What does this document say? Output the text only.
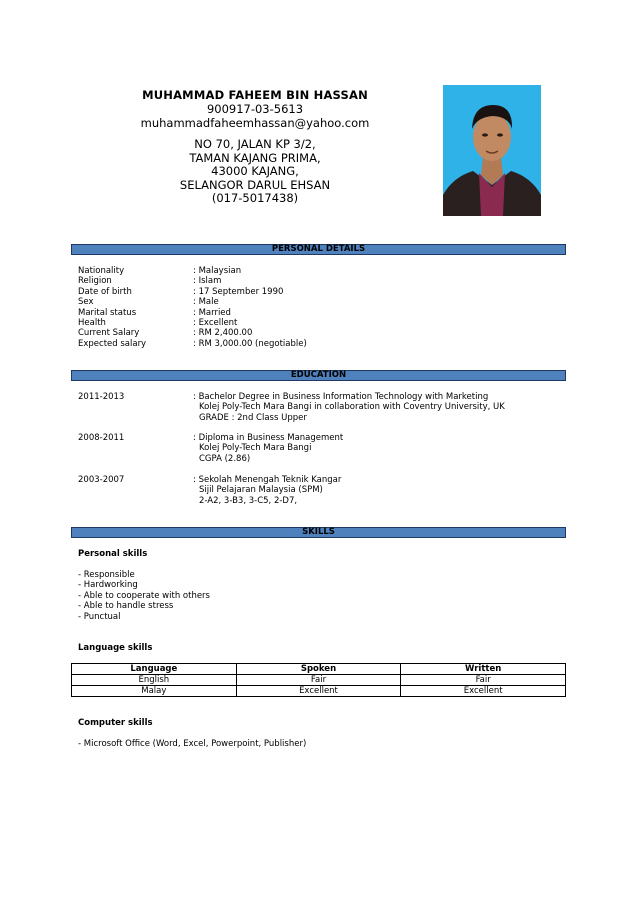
MUHAMMAD FAHEEM BIN HASSAN
900917-03-5613
muhammadfaheemhassan@yahoo.com
NO 70, JALAN KP 3/2,
TAMAN KAJANG PRIMA,
43000 KAJANG,
SELANGOR DARUL EHSAN
(017-5017438)
PERSONAL DETAILS
Nationality	: Malaysian
Religion	: Islam
Date of birth	: 17 September 1990
Sex	: Male
Marital status	: Married
Health	: Excellent
Current Salary	: RM 2,400.00
Expected salary	: RM 3,000.00 (negotiable)
EDUCATION
2011-2013	: Bachelor Degree in Business Information Technology with Marketing
Kolej Poly-Tech Mara Bangi in collaboration with Coventry University, UK
GRADE : 2nd Class Upper
2008-2011	: Diploma in Business Management
Kolej Poly-Tech Mara Bangi
CGPA (2.86)
2003-2007	: Sekolah Menengah Teknik Kangar
Sijil Pelajaran Malaysia (SPM)
2-A2, 3-B3, 3-C5, 2-D7,
SKILLS
Personal skills
- Responsible
- Hardworking
- Able to cooperate with others
- Able to handle stress
- Punctual
Language skills
Language	Spoken	Written
English	Fair	Fair
Malay	Excellent	Excellent
Computer skills
- Microsoft Office (Word, Excel, Powerpoint, Publisher)
